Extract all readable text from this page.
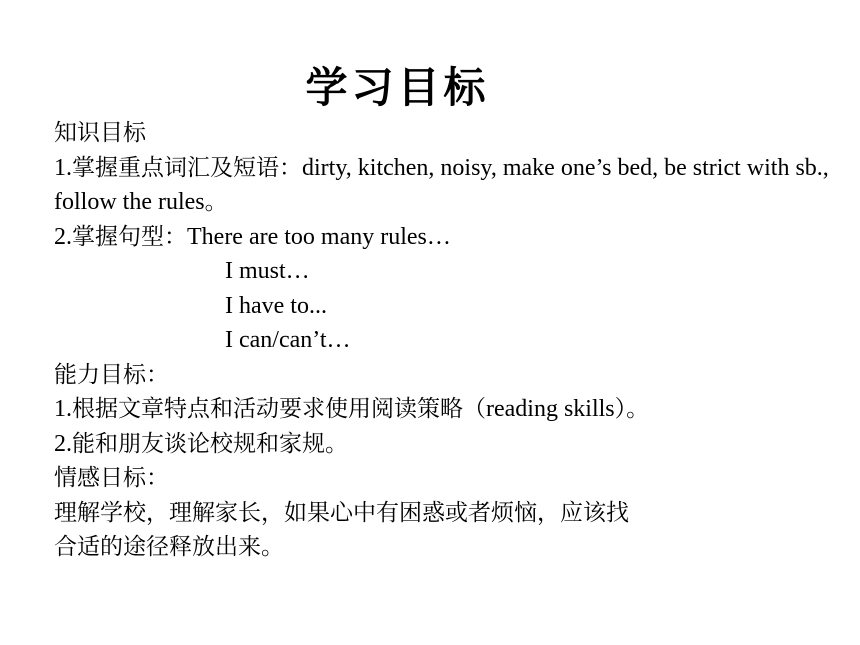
学习目标
知识目标
1.掌握重点词汇及短语：dirty, kitchen, noisy, make one’s bed, be strict with sb., follow the rules。
2.掌握句型：There are too many rules…
I must…
I have to...
I can/can’t…
能力目标：
1.根据文章特点和活动要求使用阅读策略（reading skills）。
2.能和朋友谈论校规和家规。
情感日标：
理解学校，理解家长，如果心中有困惑或者烦恼，应该找
合适的途径释放出来。
